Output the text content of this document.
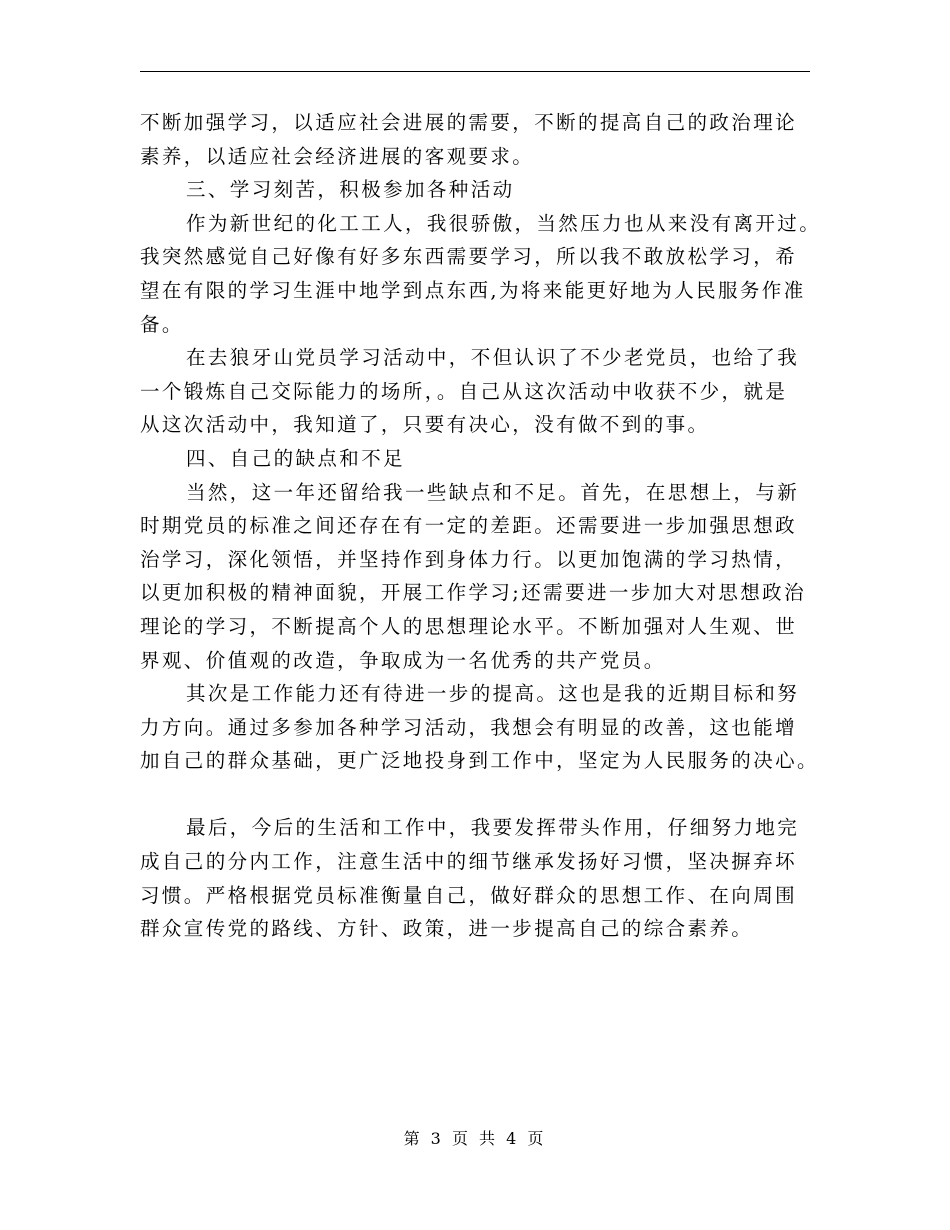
不断加强学习，以适应社会进展的需要，不断的提高自己的政治理论
素养，以适应社会经济进展的客观要求。
三、学习刻苦，积极参加各种活动
作为新世纪的化工工人，我很骄傲，当然压力也从来没有离开过。
我突然感觉自己好像有好多东西需要学习，所以我不敢放松学习，希
望在有限的学习生涯中地学到点东西,为将来能更好地为人民服务作准
备。
在去狼牙山党员学习活动中，不但认识了不少老党员，也给了我
一个锻炼自己交际能力的场所，。自己从这次活动中收获不少，就是
从这次活动中，我知道了，只要有决心，没有做不到的事。
四、自己的缺点和不足
当然，这一年还留给我一些缺点和不足。首先，在思想上，与新
时期党员的标准之间还存在有一定的差距。还需要进一步加强思想政
治学习，深化领悟，并坚持作到身体力行。以更加饱满的学习热情，
以更加积极的精神面貌，开展工作学习;还需要进一步加大对思想政治
理论的学习，不断提高个人的思想理论水平。不断加强对人生观、世
界观、价值观的改造，争取成为一名优秀的共产党员。
其次是工作能力还有待进一步的提高。这也是我的近期目标和努
力方向。通过多参加各种学习活动，我想会有明显的改善，这也能增
加自己的群众基础，更广泛地投身到工作中，坚定为人民服务的决心。
最后，今后的生活和工作中，我要发挥带头作用，仔细努力地完
成自己的分内工作，注意生活中的细节继承发扬好习惯，坚决摒弃坏
习惯。严格根据党员标准衡量自己，做好群众的思想工作、在向周围
群众宣传党的路线、方针、政策，进一步提高自己的综合素养。
第 3 页 共 4 页
